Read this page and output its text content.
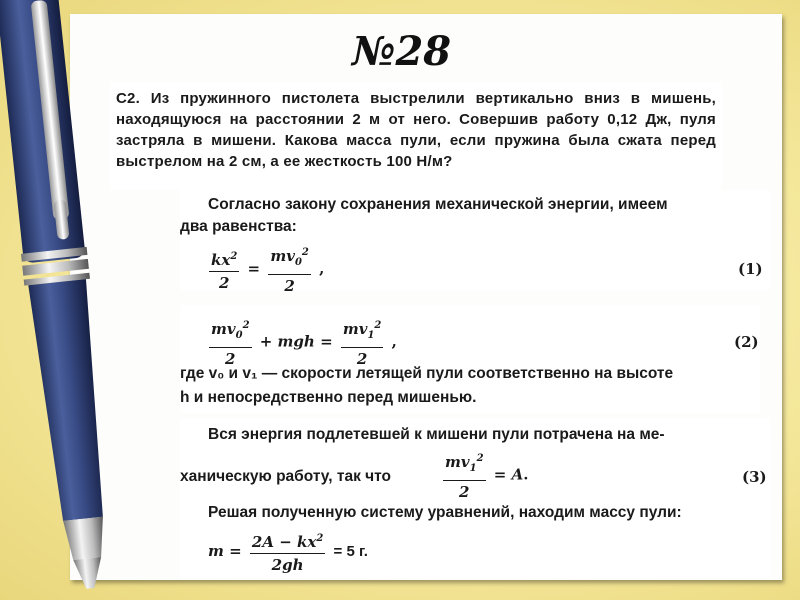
№28
С2. Из пружинного пистолета выстрелили вертикально вниз в мишень, находящуюся на расстоянии 2 м от него. Совершив работу 0,12 Дж, пуля застряла в мишени. Какова масса пули, если пружина была сжата перед выстрелом на 2 см, а ее жесткость 100 Н/м?
Согласно закону сохранения механической энергии, имеем
два равенства:
$\frac{kx^2}{2} = \frac{mv_0^2}{2}$ ,	(1)
$\frac{mv_0^2}{2}$ + mgh = $\frac{mv_1^2}{2}$ ,	(2)
где v₀ и v₁ — скорости летящей пули соответственно на высоте
h и непосредственно перед мишенью.
Вся энергия подлетевшей к мишени пули потрачена на ме-
ханическую работу, так что	$\frac{mv_1^2}{2} = A$.	(3)
Решая полученную систему уравнений, находим массу пули:
$m = \frac{2A - kx^2}{2gh} = 5$ г.
